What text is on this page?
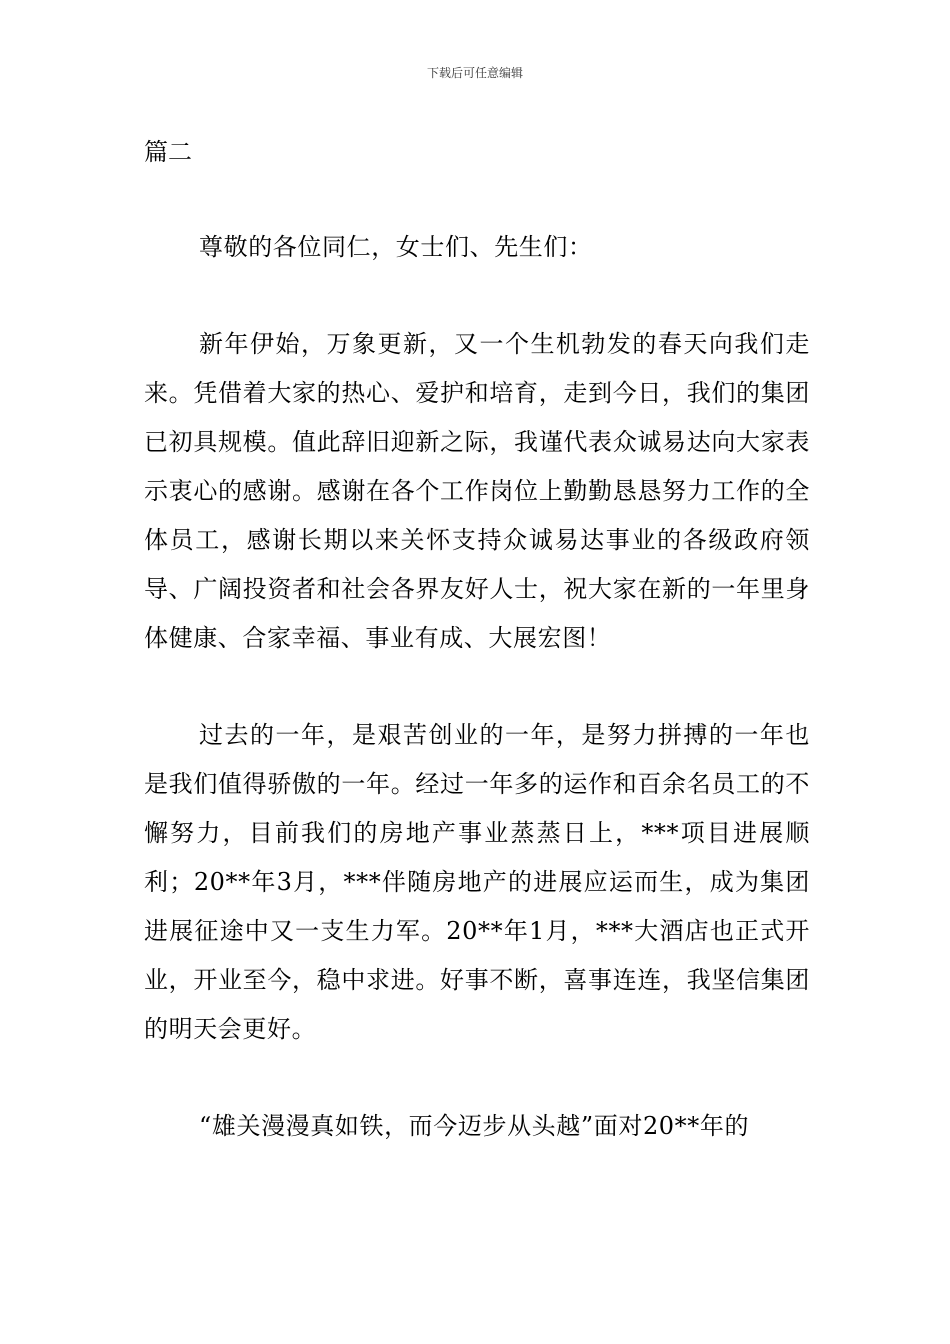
下载后可任意编辑
篇二

尊敬的各位同仁，女士们、先生们：

新年伊始，万象更新，又一个生机勃发的春天向我们走来。凭借着大家的热心、爱护和培育，走到今日，我们的集团已初具规模。值此辞旧迎新之际，我谨代表众诚易达向大家表示衷心的感谢。感谢在各个工作岗位上勤勤恳恳努力工作的全体员工，感谢长期以来关怀支持众诚易达事业的各级政府领导、广阔投资者和社会各界友好人士，祝大家在新的一年里身体健康、合家幸福、事业有成、大展宏图！

过去的一年，是艰苦创业的一年，是努力拼搏的一年也是我们值得骄傲的一年。经过一年多的运作和百余名员工的不懈努力，目前我们的房地产事业蒸蒸日上，***项目进展顺利；20**年3月，***伴随房地产的进展应运而生，成为集团进展征途中又一支生力军。20**年1月，***大酒店也正式开业，开业至今，稳中求进。好事不断，喜事连连，我坚信集团的明天会更好。

“雄关漫漫真如铁，而今迈步从头越”面对20**年的
